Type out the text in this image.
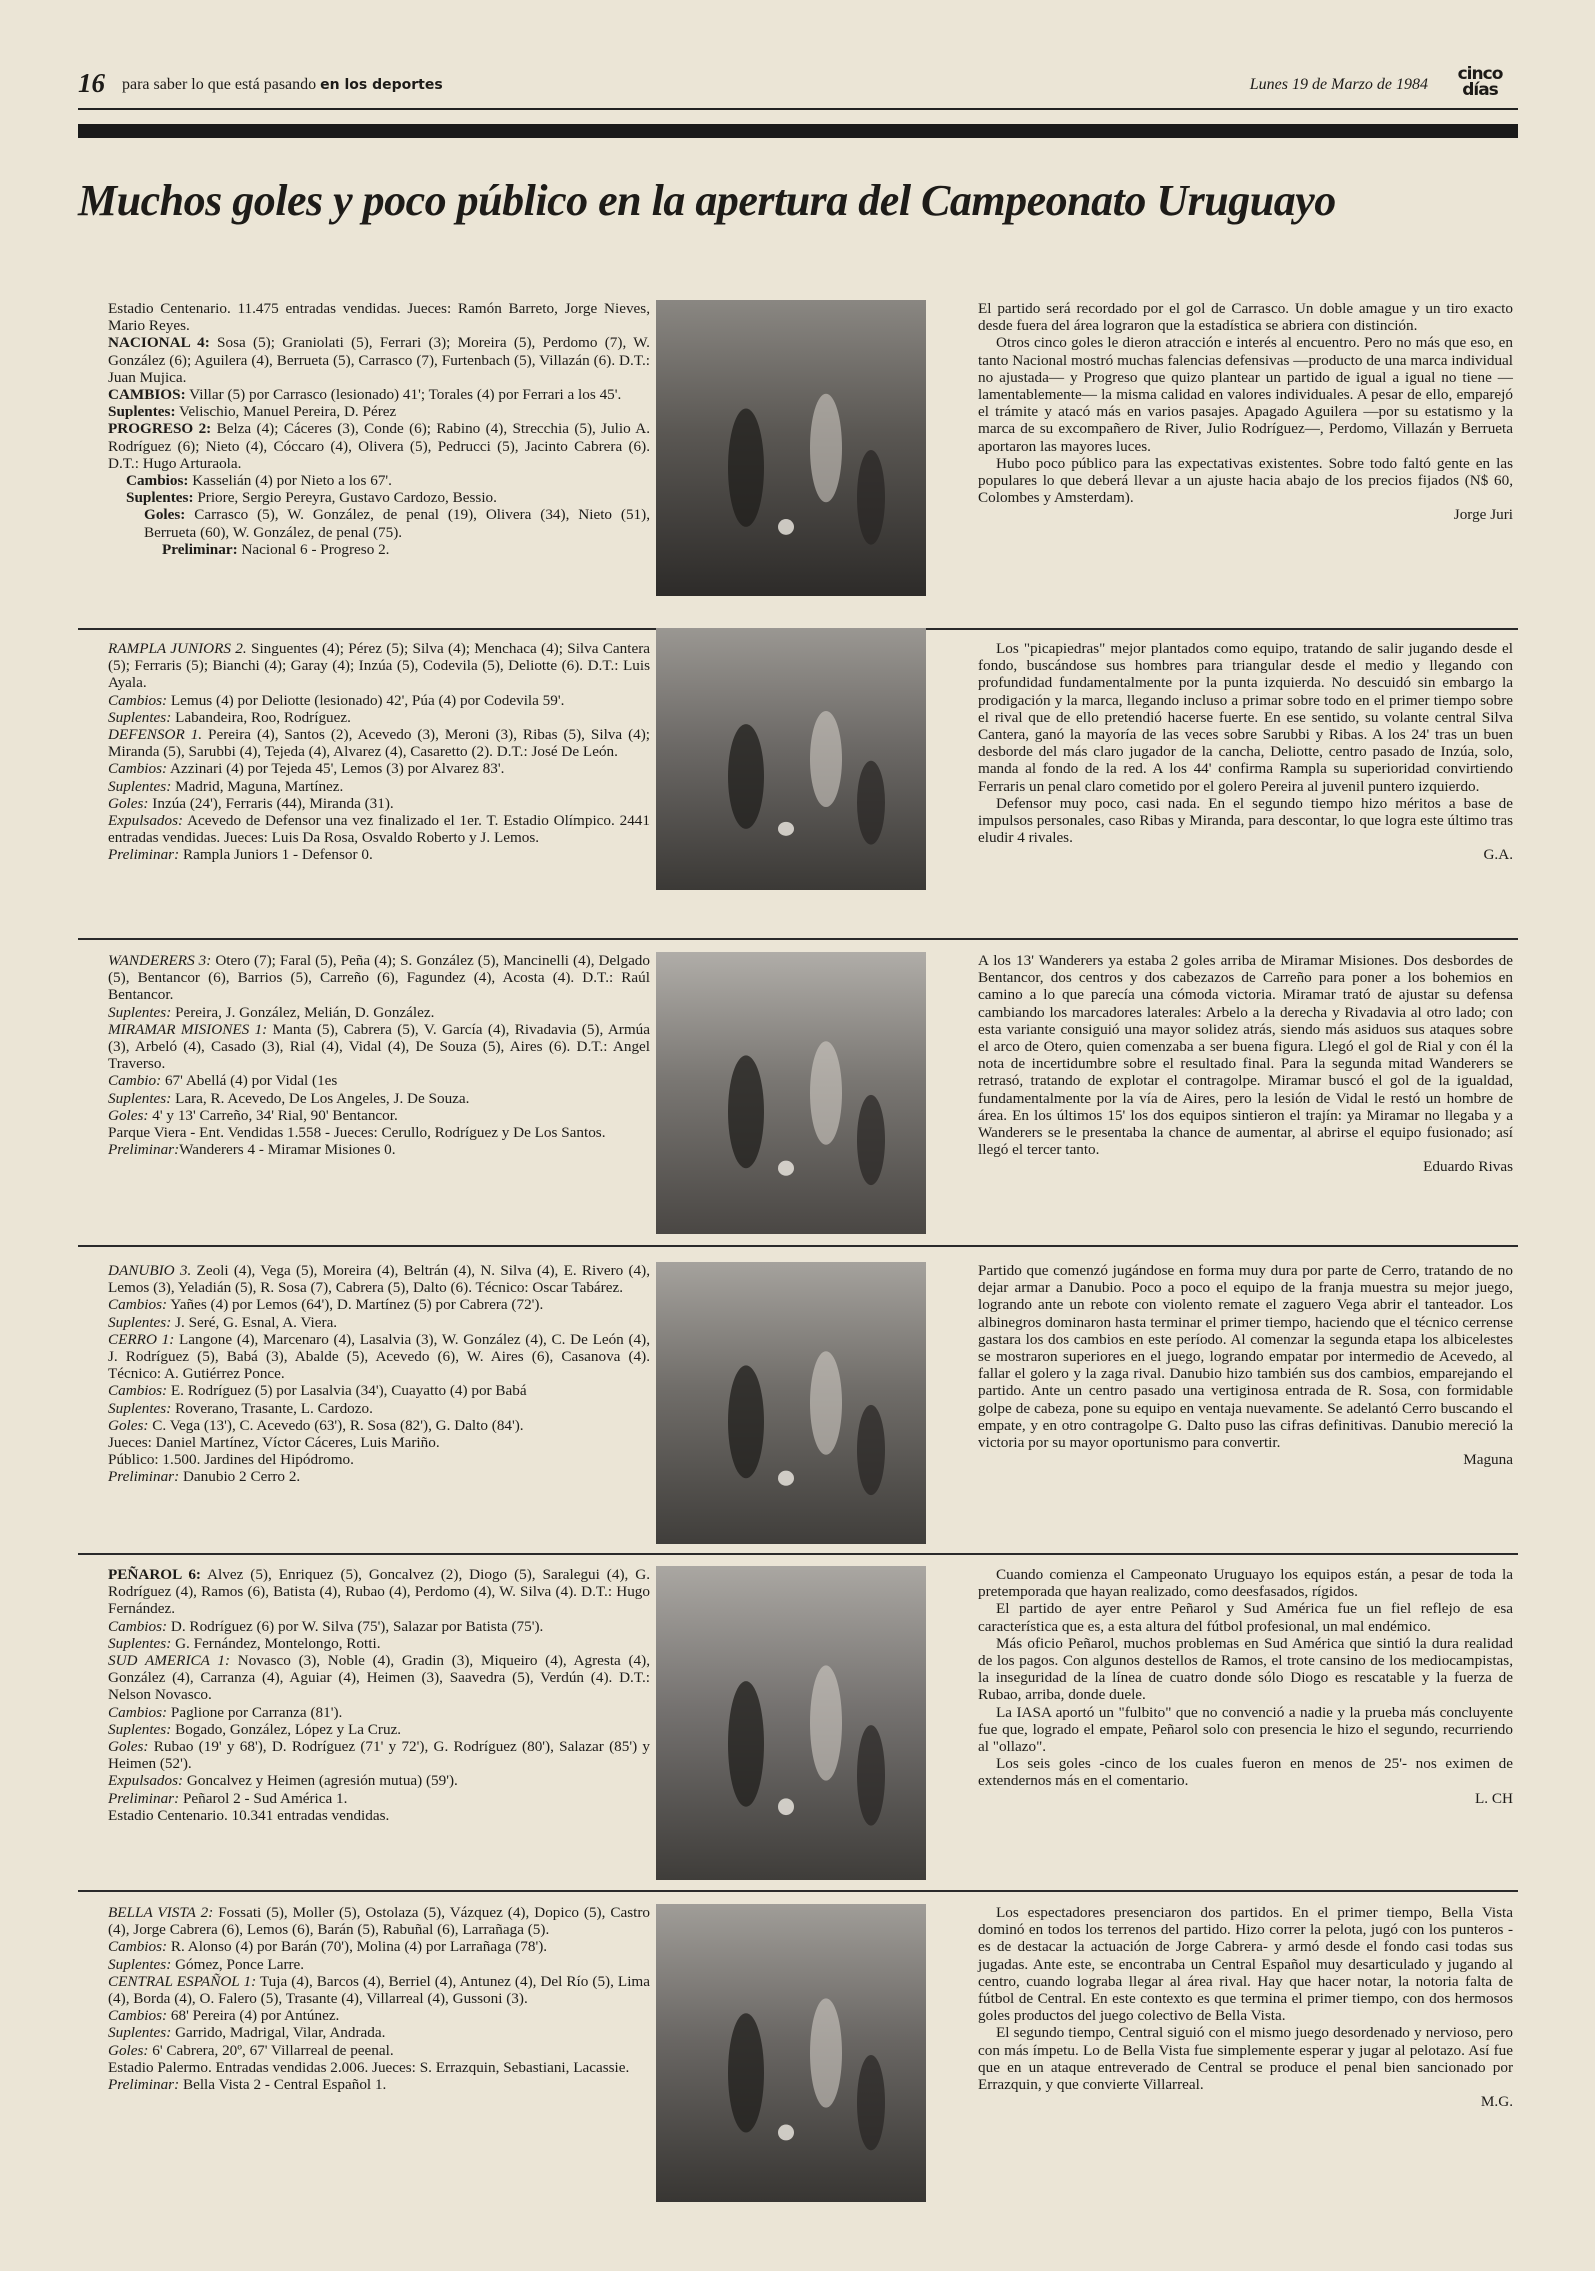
16 para saber lo que está pasando en los deportes	Lunes 19 de Marzo de 1984
cinco
días
Muchos goles y poco público en la apertura del Campeonato Uruguayo

Estadio Centenario. 11.475 entradas vendidas. Jueces: Ramón Barreto, Jorge Nieves, Mario Reyes.

NACIONAL 4: Sosa (5); Graniolati (5), Ferrari (3); Moreira (5), Perdomo (7), W. González (6); Aguilera (4), Berrueta (5), Carrasco (7), Furtenbach (5), Villazán (6). D.T.: Juan Mujica.

CAMBIOS: Villar (5) por Carrasco (lesionado) 41'; Torales (4) por Ferrari a los 45'.

Suplentes: Velischio, Manuel Pereira, D. Pérez

PROGRESO 2: Belza (4); Cáceres (3), Conde (6); Rabino (4), Strecchia (5), Julio A. Rodríguez (6); Nieto (4), Cóccaro (4), Olivera (5), Pedrucci (5), Jacinto Cabrera (6). D.T.: Hugo Arturaola.

Cambios: Kasselián (4) por Nieto a los 67'.

Suplentes: Priore, Sergio Pereyra, Gustavo Cardozo, Bessio.

Goles: Carrasco (5), W. González, de penal (19), Olivera (34), Nieto (51), Berrueta (60), W. González, de penal (75).

Preliminar: Nacional 6 - Progreso 2.

El partido será recordado por el gol de Carrasco. Un doble amague y un tiro exacto desde fuera del área lograron que la estadística se abriera con distinción.

Otros cinco goles le dieron atracción e interés al encuentro. Pero no más que eso, en tanto Nacional mostró muchas falencias defensivas —producto de una marca individual no ajustada— y Progreso que quizo plantear un partido de igual a igual no tiene —lamentablemente— la misma calidad en valores individuales. A pesar de ello, emparejó el trámite y atacó más en varios pasajes. Apagado Aguilera —por su estatismo y la marca de su excompañero de River, Julio Rodríguez—, Perdomo, Villazán y Berrueta aportaron las mayores luces.

Hubo poco público para las expectativas existentes. Sobre todo faltó gente en las populares lo que deberá llevar a un ajuste hacia abajo de los precios fijados (N$ 60, Colombes y Amsterdam).

Jorge Juri

RAMPLA JUNIORS 2. Singuentes (4); Pérez (5); Silva (4); Menchaca (4); Silva Cantera (5); Ferraris (5); Bianchi (4); Garay (4); Inzúa (5), Codevila (5), Deliotte (6). D.T.: Luis Ayala.

Cambios: Lemus (4) por Deliotte (lesionado) 42', Púa (4) por Codevila 59'.

Suplentes: Labandeira, Roo, Rodríguez.

DEFENSOR 1. Pereira (4), Santos (2), Acevedo (3), Meroni (3), Ribas (5), Silva (4); Miranda (5), Sarubbi (4), Tejeda (4), Alvarez (4), Casaretto (2). D.T.: José De León.

Cambios: Azzinari (4) por Tejeda 45', Lemos (3) por Alvarez 83'.

Suplentes: Madrid, Maguna, Martínez.

Goles: Inzúa (24'), Ferraris (44), Miranda (31).

Expulsados: Acevedo de Defensor una vez finalizado el 1er. T. Estadio Olímpico. 2441 entradas vendidas. Jueces: Luis Da Rosa, Osvaldo Roberto y J. Lemos.

Preliminar: Rampla Juniors 1 - Defensor 0.

Los "picapiedras" mejor plantados como equipo, tratando de salir jugando desde el fondo, buscándose sus hombres para triangular desde el medio y llegando con profundidad fundamentalmente por la punta izquierda. No descuidó sin embargo la prodigación y la marca, llegando incluso a primar sobre todo en el primer tiempo sobre el rival que de ello pretendió hacerse fuerte. En ese sentido, su volante central Silva Cantera, ganó la mayoría de las veces sobre Sarubbi y Ribas. A los 24' tras un buen desborde del más claro jugador de la cancha, Deliotte, centro pasado de Inzúa, solo, manda al fondo de la red. A los 44' confirma Rampla su superioridad convirtiendo Ferraris un penal claro cometido por el golero Pereira al juvenil puntero izquierdo.

Defensor muy poco, casi nada. En el segundo tiempo hizo méritos a base de impulsos personales, caso Ribas y Miranda, para descontar, lo que logra este último tras eludir 4 rivales.

G.A.

WANDERERS 3: Otero (7); Faral (5), Peña (4); S. González (5), Mancinelli (4), Delgado (5), Bentancor (6), Barrios (5), Carreño (6), Fagundez (4), Acosta (4). D.T.: Raúl Bentancor.

Suplentes: Pereira, J. González, Melián, D. González.

MIRAMAR MISIONES 1: Manta (5), Cabrera (5), V. García (4), Rivadavia (5), Armúa (3), Arbeló (4), Casado (3), Rial (4), Vidal (4), De Souza (5), Aires (6). D.T.: Angel Traverso.

Cambio: 67' Abellá (4) por Vidal (1es

Suplentes: Lara, R. Acevedo, De Los Angeles, J. De Souza.

Goles: 4' y 13' Carreño, 34' Rial, 90' Bentancor.

Parque Viera - Ent. Vendidas 1.558 - Jueces: Cerullo, Rodríguez y De Los Santos.

Preliminar:Wanderers 4 - Miramar Misiones 0.

A los 13' Wanderers ya estaba 2 goles arriba de Miramar Misiones. Dos desbordes de Bentancor, dos centros y dos cabezazos de Carreño para poner a los bohemios en camino a lo que parecía una cómoda victoria. Miramar trató de ajustar su defensa cambiando los marcadores laterales: Arbelo a la derecha y Rivadavia al otro lado; con esta variante consiguió una mayor solidez atrás, siendo más asiduos sus ataques sobre el arco de Otero, quien comenzaba a ser buena figura. Llegó el gol de Rial y con él la nota de incertidumbre sobre el resultado final. Para la segunda mitad Wanderers se retrasó, tratando de explotar el contragolpe. Miramar buscó el gol de la igualdad, fundamentalmente por la vía de Aires, pero la lesión de Vidal le restó un hombre de área. En los últimos 15' los dos equipos sintieron el trajín: ya Miramar no llegaba y a Wanderers se le presentaba la chance de aumentar, al abrirse el equipo fusionado; así llegó el tercer tanto.

Eduardo Rivas

DANUBIO 3. Zeoli (4), Vega (5), Moreira (4), Beltrán (4), N. Silva (4), E. Rivero (4), Lemos (3), Yeladián (5), R. Sosa (7), Cabrera (5), Dalto (6). Técnico: Oscar Tabárez.

Cambios: Yañes (4) por Lemos (64'), D. Martínez (5) por Cabrera (72').

Suplentes: J. Seré, G. Esnal, A. Viera.

CERRO 1: Langone (4), Marcenaro (4), Lasalvia (3), W. González (4), C. De León (4), J. Rodríguez (5), Babá (3), Abalde (5), Acevedo (6), W. Aires (6), Casanova (4). Técnico: A. Gutiérrez Ponce.

Cambios: E. Rodríguez (5) por Lasalvia (34'), Cuayatto (4) por Babá

Suplentes: Roverano, Trasante, L. Cardozo.

Goles: C. Vega (13'), C. Acevedo (63'), R. Sosa (82'), G. Dalto (84').

Jueces: Daniel Martínez, Víctor Cáceres, Luis Mariño.

Público: 1.500. Jardines del Hipódromo.

Preliminar: Danubio 2 Cerro 2.

Partido que comenzó jugándose en forma muy dura por parte de Cerro, tratando de no dejar armar a Danubio. Poco a poco el equipo de la franja muestra su mejor juego, logrando ante un rebote con violento remate el zaguero Vega abrir el tanteador. Los albinegros dominaron hasta terminar el primer tiempo, haciendo que el técnico cerrense gastara los dos cambios en este período. Al comenzar la segunda etapa los albicelestes se mostraron superiores en el juego, logrando empatar por intermedio de Acevedo, al fallar el golero y la zaga rival. Danubio hizo también sus dos cambios, emparejando el partido. Ante un centro pasado una vertiginosa entrada de R. Sosa, con formidable golpe de cabeza, pone su equipo en ventaja nuevamente. Se adelantó Cerro buscando el empate, y en otro contragolpe G. Dalto puso las cifras definitivas. Danubio mereció la victoria por su mayor oportunismo para convertir.

Maguna

PEÑAROL 6: Alvez (5), Enriquez (5), Goncalvez (2), Diogo (5), Saralegui (4), G. Rodríguez (4), Ramos (6), Batista (4), Rubao (4), Perdomo (4), W. Silva (4). D.T.: Hugo Fernández.

Cambios: D. Rodríguez (6) por W. Silva (75'), Salazar por Batista (75').

Suplentes: G. Fernández, Montelongo, Rotti.

SUD AMERICA 1: Novasco (3), Noble (4), Gradin (3), Miqueiro (4), Agresta (4), González (4), Carranza (4), Aguiar (4), Heimen (3), Saavedra (5), Verdún (4). D.T.: Nelson Novasco.

Cambios: Paglione por Carranza (81').

Suplentes: Bogado, González, López y La Cruz.

Goles: Rubao (19' y 68'), D. Rodríguez (71' y 72'), G. Rodríguez (80'), Salazar (85') y Heimen (52').

Expulsados: Goncalvez y Heimen (agresión mutua) (59').

Preliminar: Peñarol 2 - Sud América 1.

Estadio Centenario. 10.341 entradas vendidas.

Cuando comienza el Campeonato Uruguayo los equipos están, a pesar de toda la pretemporada que hayan realizado, como deesfasados, rígidos.

El partido de ayer entre Peñarol y Sud América fue un fiel reflejo de esa característica que es, a esta altura del fútbol profesional, un mal endémico.

Más oficio Peñarol, muchos problemas en Sud América que sintió la dura realidad de los pagos. Con algunos destellos de Ramos, el trote cansino de los mediocampistas, la inseguridad de la línea de cuatro donde sólo Diogo es rescatable y la fuerza de Rubao, arriba, donde duele.

La IASA aportó un "fulbito" que no convenció a nadie y la prueba más concluyente fue que, logrado el empate, Peñarol solo con presencia le hizo el segundo, recurriendo al "ollazo".

Los seis goles -cinco de los cuales fueron en menos de 25'- nos eximen de extendernos más en el comentario.

L. CH

BELLA VISTA 2: Fossati (5), Moller (5), Ostolaza (5), Vázquez (4), Dopico (5), Castro (4), Jorge Cabrera (6), Lemos (6), Barán (5), Rabuñal (6), Larrañaga (5).

Cambios: R. Alonso (4) por Barán (70'), Molina (4) por Larrañaga (78').

Suplentes: Gómez, Ponce Larre.

CENTRAL ESPAÑOL 1: Tuja (4), Barcos (4), Berriel (4), Antunez (4), Del Río (5), Lima (4), Borda (4), O. Falero (5), Trasante (4), Villarreal (4), Gussoni (3).

Cambios: 68' Pereira (4) por Antúnez.

Suplentes: Garrido, Madrigal, Vilar, Andrada.

Goles: 6' Cabrera, 20º, 67' Villarreal de peenal.

Estadio Palermo. Entradas vendidas 2.006. Jueces: S. Errazquin, Sebastiani, Lacassie.

Preliminar: Bella Vista 2 - Central Español 1.

Los espectadores presenciaron dos partidos. En el primer tiempo, Bella Vista dominó en todos los terrenos del partido. Hizo correr la pelota, jugó con los punteros -es de destacar la actuación de Jorge Cabrera- y armó desde el fondo casi todas sus jugadas. Ante este, se encontraba un Central Español muy desarticulado y jugando al centro, cuando lograba llegar al área rival. Hay que hacer notar, la notoria falta de fútbol de Central. En este contexto es que termina el primer tiempo, con dos hermosos goles productos del juego colectivo de Bella Vista.

El segundo tiempo, Central siguió con el mismo juego desordenado y nervioso, pero con más ímpetu. Lo de Bella Vista fue simplemente esperar y jugar al pelotazo. Así fue que en un ataque entreverado de Central se produce el penal bien sancionado por Errazquin, y que convierte Villarreal.

M.G.
